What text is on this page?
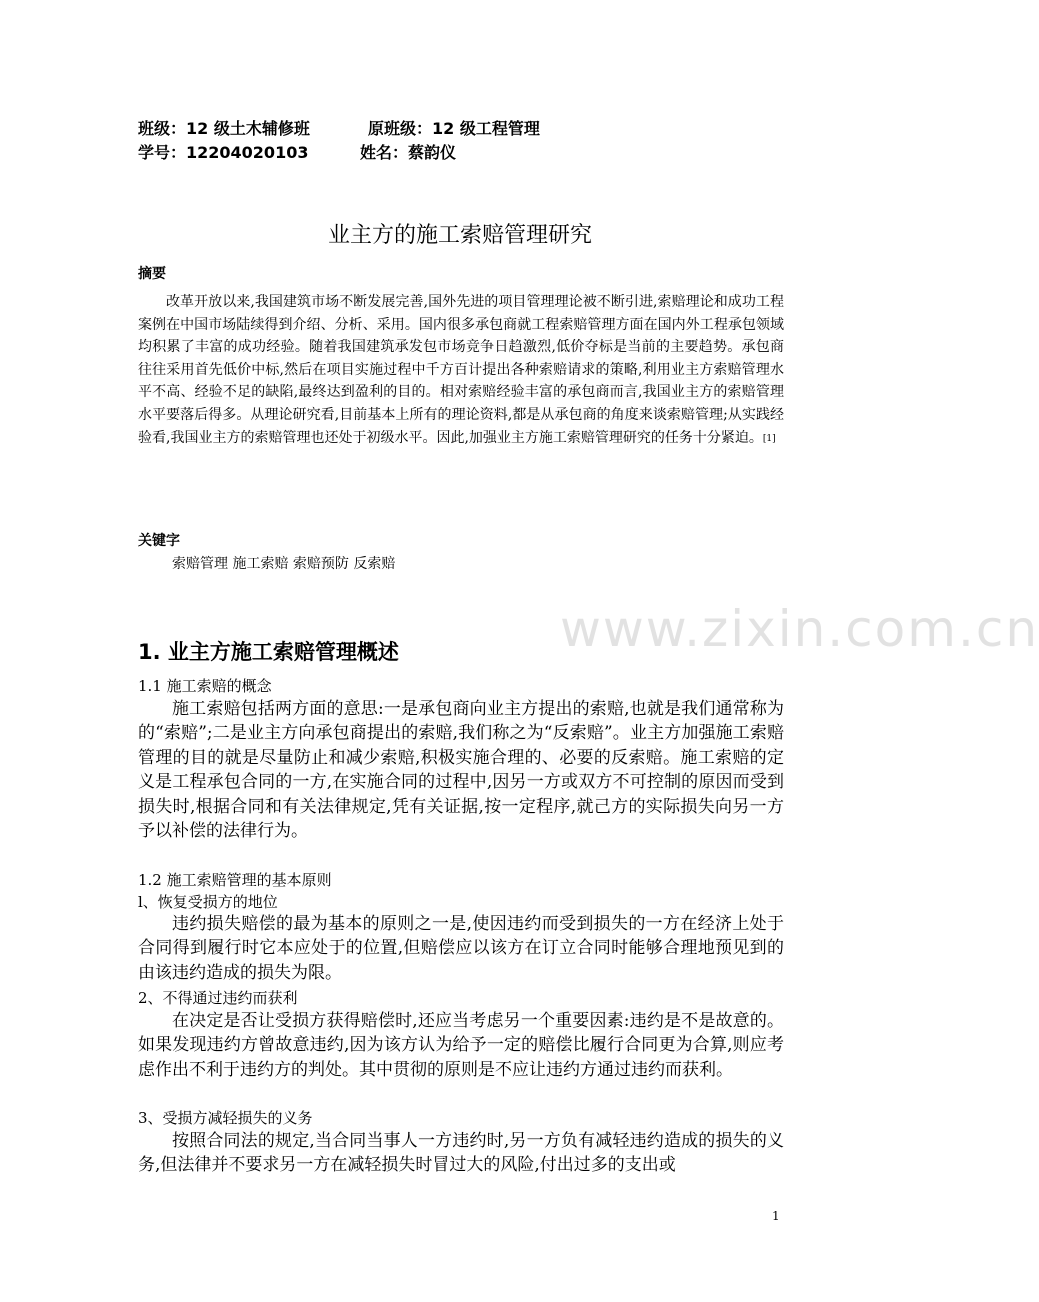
班级：12 级土木辅修班	原班级：12 级工程管理
学号：12204020103	姓名：蔡韵仪
业主方的施工索赔管理研究
摘要

改革开放以来,我国建筑市场不断发展完善,国外先进的项目管理理论被不断引进,索赔理论和成功工程案例在中国市场陆续得到介绍、分析、采用。国内很多承包商就工程索赔管理方面在国内外工程承包领域均积累了丰富的成功经验。随着我国建筑承发包市场竞争日趋激烈,低价夺标是当前的主要趋势。承包商往往采用首先低价中标,然后在项目实施过程中千方百计提出各种索赔请求的策略,利用业主方索赔管理水平不高、经验不足的缺陷,最终达到盈利的目的。相对索赔经验丰富的承包商而言,我国业主方的索赔管理水平要落后得多。从理论研究看,目前基本上所有的理论资料,都是从承包商的角度来谈索赔管理;从实践经验看,我国业主方的索赔管理也还处于初级水平。因此,加强业主方施工索赔管理研究的任务十分紧迫。[1]

关键字
索赔管理 施工索赔 索赔预防 反索赔
www.zixin.com.cn
1. 业主方施工索赔管理概述
1.1 施工索赔的概念

施工索赔包括两方面的意思:一是承包商向业主方提出的索赔,也就是我们通常称为的“索赔”;二是业主方向承包商提出的索赔,我们称之为“反索赔”。业主方加强施工索赔管理的目的就是尽量防止和减少索赔,积极实施合理的、必要的反索赔。施工索赔的定义是工程承包合同的一方,在实施合同的过程中,因另一方或双方不可控制的原因而受到损失时,根据合同和有关法律规定,凭有关证据,按一定程序,就己方的实际损失向另一方予以补偿的法律行为。

1.2 施工索赔管理的基本原则
l、恢复受损方的地位

违约损失赔偿的最为基本的原则之一是,使因违约而受到损失的一方在经济上处于合同得到履行时它本应处于的位置,但赔偿应以该方在订立合同时能够合理地预见到的由该违约造成的损失为限。

2、不得通过违约而获利

在决定是否让受损方获得赔偿时,还应当考虑另一个重要因素:违约是不是故意的。如果发现违约方曾故意违约,因为该方认为给予一定的赔偿比履行合同更为合算,则应考虑作出不利于违约方的判处。其中贯彻的原则是不应让违约方通过违约而获利。

3、受损方减轻损失的义务

按照合同法的规定,当合同当事人一方违约时,另一方负有减轻违约造成的损失的义务,但法律并不要求另一方在减轻损失时冒过大的风险,付出过多的支出或

1
